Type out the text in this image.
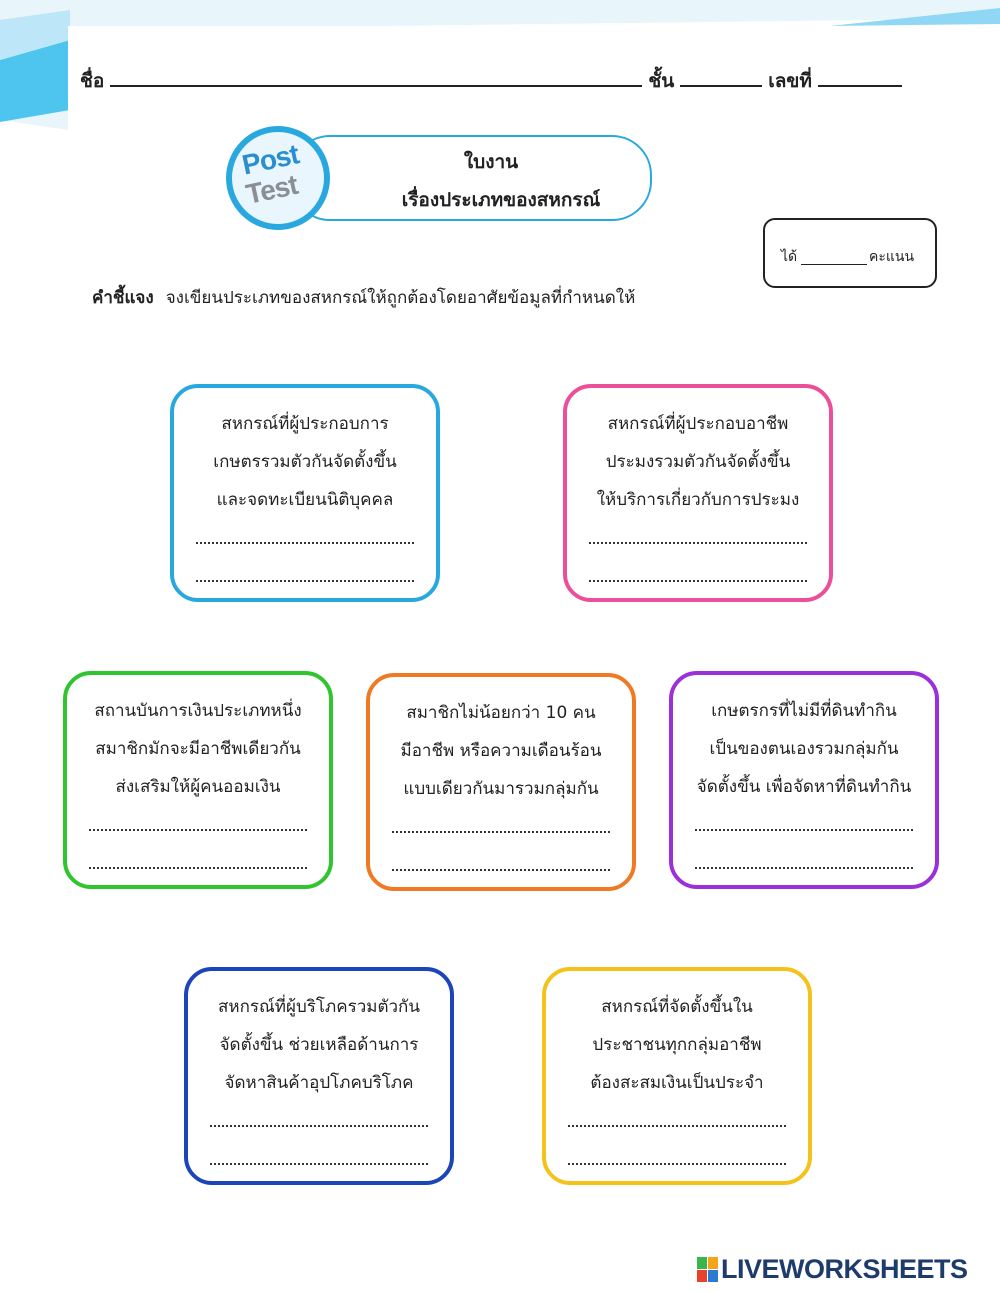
ชื่อ	ชั้น	เลขที่
ใบงาน
เรื่องประเภทของสหกรณ์
Post
Test
ได้	คะแนน
คำชี้แจง จงเขียนประเภทของสหกรณ์ให้ถูกต้องโดยอาศัยข้อมูลที่กำหนดให้
สหกรณ์ที่ผู้ประกอบการ
เกษตรรวมตัวกันจัดตั้งขึ้น
และจดทะเบียนนิติบุคคล
สหกรณ์ที่ผู้ประกอบอาชีพ
ประมงรวมตัวกันจัดตั้งขึ้น
ให้บริการเกี่ยวกับการประมง
สถานบันการเงินประเภทหนึ่ง
สมาชิกมักจะมีอาชีพเดียวกัน
ส่งเสริมให้ผู้คนออมเงิน
สมาชิกไม่น้อยกว่า 10 คน
มีอาชีพ หรือความเดือนร้อน
แบบเดียวกันมารวมกลุ่มกัน
เกษตรกรที่ไม่มีที่ดินทำกิน
เป็นของตนเองรวมกลุ่มกัน
จัดตั้งขึ้น เพื่อจัดหาที่ดินทำกิน
สหกรณ์ที่ผู้บริโภครวมตัวกัน
จัดตั้งขึ้น ช่วยเหลือด้านการ
จัดหาสินค้าอุปโภคบริโภค
สหกรณ์ที่จัดตั้งขึ้นใน
ประชาชนทุกกลุ่มอาชีพ
ต้องสะสมเงินเป็นประจำ
LIVEWORKSHEETS
